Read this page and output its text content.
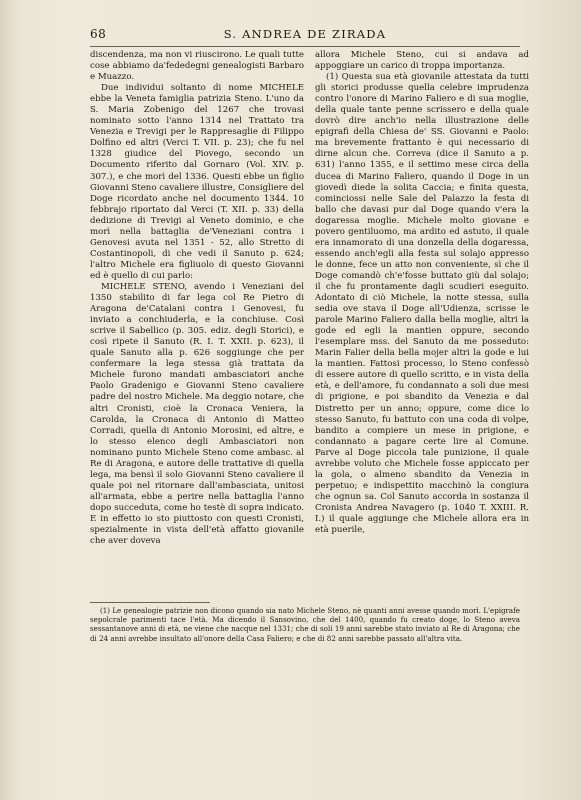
68	S. ANDREA DE ZIRADA

discendenza, ma non vi riuscirono. Le quali tutte cose abbiamo da'fededegni genealogisti Barbaro e Muazzo.

Due individui soltanto di nome MICHELE ebbe la Veneta famiglia patrizia Steno. L'uno da S. Maria Zobenigo del 1267 che trovasi nominato sotto l'anno 1314 nel Trattato tra Venezia e Trevigi per le Rappresaglie di Filippo Dolfino ed altri (Verci T. VII. p. 23); che fu nel 1328 giudice del Piovego, secondo un Documento riferito dal Gornaro (Vol. XIV. p. 307.), e che morì del 1336. Questi ebbe un figlio Giovanni Steno cavaliere illustre, Consigliere del Doge ricordato anche nel documento 1344. 10 febbrajo riportato dal Verci (T. XII. p. 33) della dedizione di Trevigi al Veneto dominio, e che morì nella battaglia de'Veneziani contra i Genovesi avuta nel 1351 - 52, allo Stretto di Costantinopoli, di che vedi il Sanuto p. 624; l'altro Michele era figliuolo di questo Giovanni ed è quello di cui parlo:

MICHELE STENO, avendo i Veneziani del 1350 stabilito di far lega col Re Pietro di Aragona de'Catalani contra i Genovesi, fu inviato a conchiuderla, e la conchiuse. Così scrive il Sabellico (p. 305. ediz. degli Storici), e così ripete il Sanuto (R. I. T. XXII. p. 623), il quale Sanuto alla p. 626 soggiunge che per confermare la lega stessa già trattata da Michele furono mandati ambasciatori anche Paolo Gradenigo e Giovanni Steno cavaliere padre del nostro Michele. Ma deggio notare, che altri Cronisti, cioè la Cronaca Veniera, la Carolda, la Cronaca di Antonio di Matteo Corradi, quella di Antonio Morosini, ed altre, e lo stesso elenco degli Ambasciatori non nominano punto Michele Steno come ambasc. al Re di Aragona, e autore delle trattative di quella lega, ma bensì il solo Giovanni Steno cavaliere il quale poi nel ritornare dall'ambasciata, unitosi all'armata, ebbe a perire nella battaglia l'anno dopo succeduta, come ho testè di sopra indicato. E in effetto io sto piuttosto con questi Cronisti, spezialmente in vista dell'età affatto giovanile che aver doveva

allora Michele Steno, cui si andava ad appoggiare un carico di troppa importanza.

(1) Questa sua età giovanile attestata da tutti gli storici produsse quella celebre imprudenza contro l'onore di Marino Faliero e di sua moglie, della quale tante penne scrissero e della quale dovrò dire anch'io nella illustrazione delle epigrafi della Chiesa de' SS. Giovanni e Paolo: ma brevemente frattanto è qui necessario di dirne alcun che. Correva (dice il Sanuto a p. 631) l'anno 1355, e il settimo mese circa della ducea di Marino Faliero, quando il Doge in un giovedì diede la solita Caccia; e finita questa, cominciossi nelle Sale del Palazzo la festa di ballo che davasi pur dal Doge quando v'era la dogaressa moglie. Michele molto giovane e povero gentiluomo, ma ardito ed astuto, il quale era innamorato di una donzella della dogaressa, essendo anch'egli alla festa sul solajo appresso le donne, fece un atto non conveniente, sì che il Doge comandò ch'e'fosse buttato giù dal solajo; il che fu prontamente dagli scudieri eseguito. Adontato di ciò Michele, la notte stessa, sulla sedia ove stava il Doge all'Udienza, scrisse le parole Marino Faliero dalla bella moglie, altri la gode ed egli la mantien oppure, secondo l'esemplare mss. del Sanuto da me posseduto: Marin Falier della bella mojer altri la gode e lui la mantien. Fattosi processo, lo Steno confessò di essere autore di quello scritto, e in vista della età, e dell'amore, fu condannato a soli due mesi di prigione, e poi sbandito da Venezia e dal Distretto per un anno; oppure, come dice lo stesso Sanuto, fu battuto con una coda di volpe, bandito a compiere un mese in prigione, e condannato a pagare certe lire al Comune. Parve al Doge piccola tale punizione, il quale avrebbe voluto che Michele fosse appiccato per la gola, o almeno sbandito da Venezia in perpetuo; e indispettito macchinò la congiura che ognun sa. Col Sanuto accorda in sostanza il Cronista Andrea Navagero (p. 1040 T. XXIII. R. I.) il quale aggiunge che Michele allora era in età puerile,

(1) Le genealogie patrizie non dicono quando sia nato Michele Steno, nè quanti anni avesse quando morì. L'epigrafe sepolcrale parimenti tace l'età. Ma dicendo il Sansovino, che del 1400, quando fu creato doge, lo Steno aveva sessantanove anni di età, ne viene che nacque nel 1331; che di soli 19 anni sarebbe stato inviato al Re di Aragona; che di 24 anni avrebbe insultato all'onore della Casa Faliero; e che di 82 anni sarebbe passato all'altra vita.
